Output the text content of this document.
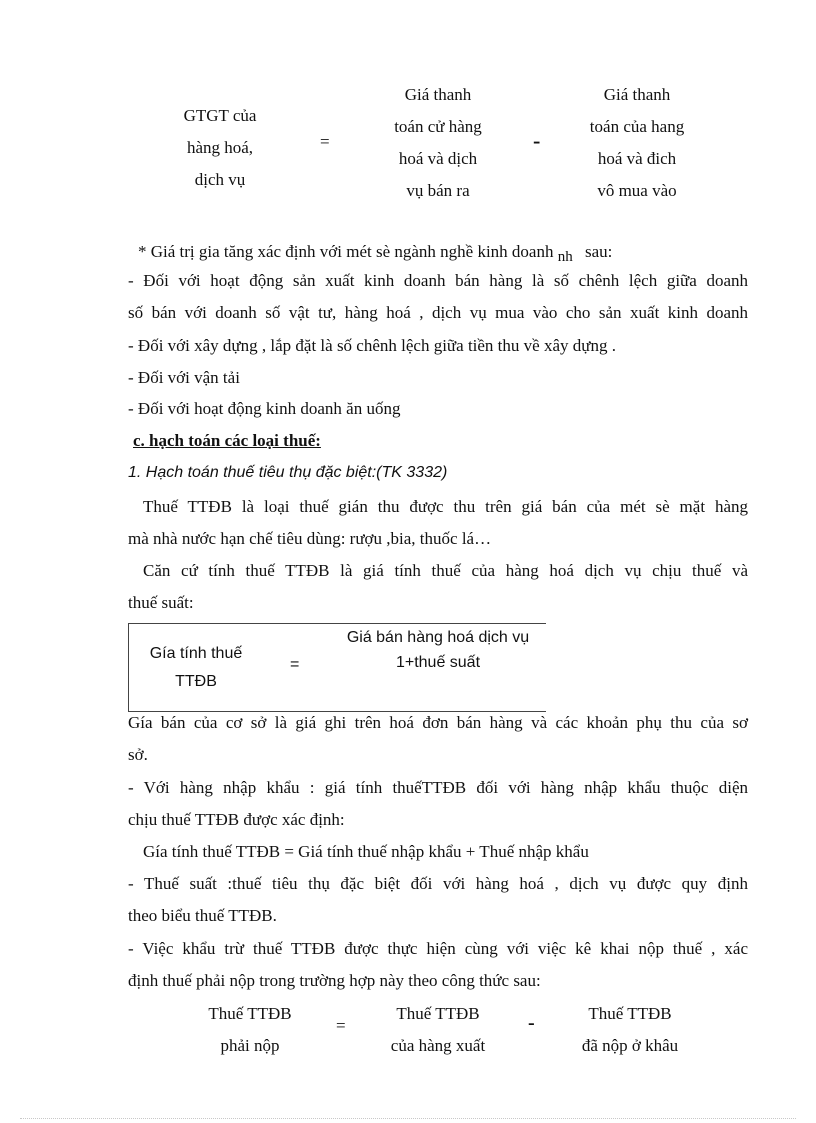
GTGT của
hàng hoá,
dịch vụ
=
Giá thanh
toán cử hàng
hoá và dịch
vụ bán ra
-
Giá thanh
toán của hang
hoá và đich
vô mua vào
* Giá trị gia tăng xác định với mét sè ngành nghề kinh doanh nh sau:
- Đối với hoạt động sản xuất kinh doanh bán hàng là số chênh lệch giữa doanh
số bán với doanh số vật tư, hàng hoá , dịch vụ mua vào cho sản xuất kinh doanh
- Đối với xây dựng , lắp đặt là số chênh lệch giữa tiền thu về xây dựng .
- Đối với vận tải
- Đối với hoạt động kinh doanh ăn uống
c. hạch toán các loại thuế:
1. Hạch toán thuế tiêu thụ đặc biệt:(TK 3332)
Thuế TTĐB là loại thuế gián thu được thu trên giá bán của mét sè mặt hàng
mà nhà nước hạn chế tiêu dùng: rượu ,bia, thuốc lá…
Căn cứ tính thuế TTĐB là giá tính thuế của hàng hoá dịch vụ chịu thuế và
thuế suất:
Gía tính thuế
TTĐB
=
Giá bán hàng hoá dịch vụ
1+thuế suất
Gía bán của cơ sở là giá ghi trên hoá đơn bán hàng và các khoản phụ thu của sơ
sở.
- Với hàng nhập khẩu : giá tính thuếTTĐB đối với hàng nhập khẩu thuộc diện
chịu thuế TTĐB được xác định:
Gía tính thuế TTĐB = Giá tính thuế nhập khẩu + Thuế nhập khẩu
- Thuế suất :thuế tiêu thụ đặc biệt đối với hàng hoá , dịch vụ được quy định
theo biểu thuế TTĐB.
- Việc khẩu trừ thuế TTĐB được thực hiện cùng với việc kê khai nộp thuế , xác
định thuế phải nộp trong trường hợp này theo công thức sau:
Thuế TTĐB
phải nộp
=
Thuế TTĐB
của hàng xuất
-	Thuế TTĐB
đã nộp ở khâu
